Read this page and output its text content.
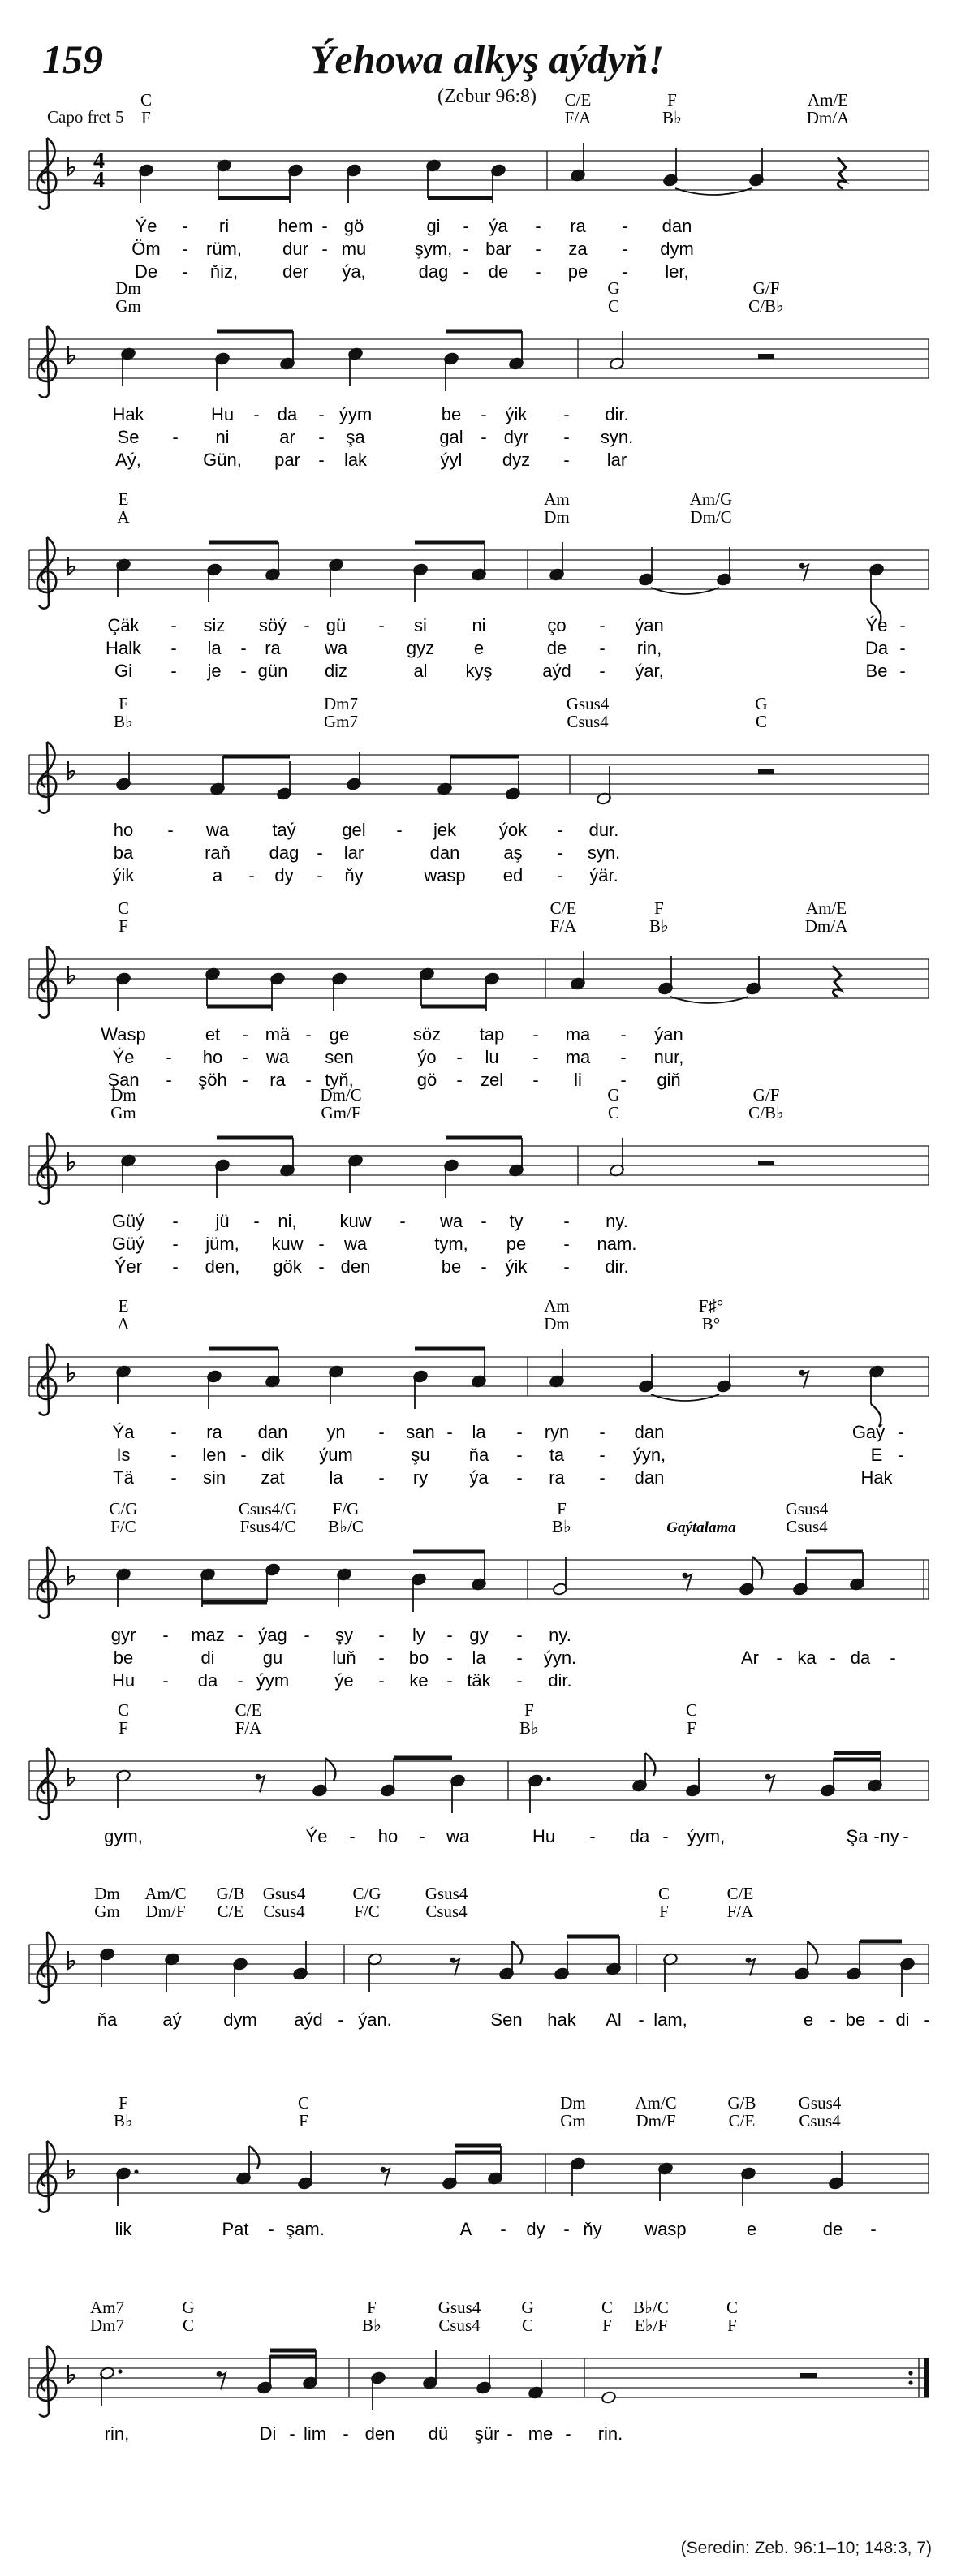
159	Ýehowa alkyş aýdyň!
(Zebur 96:8)
Capo fret 5
4
4
C
F
C/E
F/A
F
B♭
Am/E
Dm/A
Ýe	ri	hem gö	gi	ýa	ra	dan
-	-	-	-	-
Öm	rüm, dur mu	şym, bar	za	dym
-	-	-	-	-
De	ňiz, der ýa,	dag de	pe	ler,
-	-	-	-
Dm
Gm
G
C
G/F
C/B♭
Hak	Hu da ýym	be ýik	dir.
-	-	-	-
Se	ni	ar	şa	gal dyr	syn.
-	-	-	-
Aý,	Gün, par lak	ýyl dyz	lar
-	-
E
A
Am
Dm
Am/G
Dm/C
Çäk	siz söý gü	si	ni	ço	ýan	Ýe
-	-	-	-	-
Halk	la ra wa	gyz e	de	rin,	Da
-	-	-	-
Gi	je gün diz	al kyş	aýd	ýar,	Be
-	-	-	-
F
B♭
Dm7
Gm7
Gsus4
Csus4
G
C
ho	wa taý	gel	jek ýok	dur.
-	-	-
ba	raň dag	lar	dan aş	syn.
-	-
ýik	a	dy	ňy	wasp ed	ýär.
-	-	-
C
F
C/E
F/A
F
B♭
Am/E
Dm/A
Wasp	et	mä ge	söz tap	ma	ýan
-	-	-	-
Ýe	ho wa sen	ýo	lu	ma	nur,
-	-	-	-	-
Şan	şöh ra tyň,	gö zel	li	giň
-	-	-	-	-	-
Dm
Gm
Dm/C
Gm/F
G
C
G/F
C/B♭
Güý	jü	ni, kuw	wa	ty	ny.
-	-	-	-	-
Güý	jüm, kuw wa	tym, pe	nam.
-	-	-
Ýer	den, gök den	be ýik	dir.
-	-	-	-
E
A
Am
Dm
F♯°
B°
Ýa	ra dan yn	san la	ryn	dan	Gaý
-	-	-	-	-	-
Is	len dik ýum	şu ňa	ta	ýyn,	E
-	-	-	-	-
Tä	sin zat la	ry ýa	ra	dan	Hak
-	-	-	-
C/G
F/C
Csus4/G
Fsus4/C
F/G
B♭/C
F
B♭
Gsus4
Csus4
Gaýtalama
gyr	maz ýag	şy	ly gy	ny.
-	-	-	-	-	-
be	di	gu	luň	bo la	ýyn.	Ar ka da
-	-	-	-	-	-
Hu	da ýym	ýe	ke täk	dir.
-	-	-	-	-
C
F
C/E
F/A
F
B♭
C
F
gym,	Ýe	ho	wa	Hu	da ýym,	Şa ny
-	-	-	-	- -
Dm
Gm
Am/C
Dm/F
G/B
C/E
Gsus4
Csus4
C/G
F/C
Gsus4
Csus4
C
F
C/E
F/A
ňa	aý dym aýd ýan.	Sen hak Al lam,	e be di
-	-	- - -
F
B♭
C
F
Dm
Gm
Am/C
Dm/F
G/B
C/E
Gsus4
Csus4
lik	Pat şam.	A	dy ňy wasp	e	de
-	-	-	-
Am7
Dm7
G
C
F
B♭
Gsus4
Csus4
G
C
C
F
B♭/C
E♭/F
C
F
rin,	Di lim den dü şür me	rin.
-	-	-	-
(Seredin: Zeb. 96:1–10; 148:3, 7)
